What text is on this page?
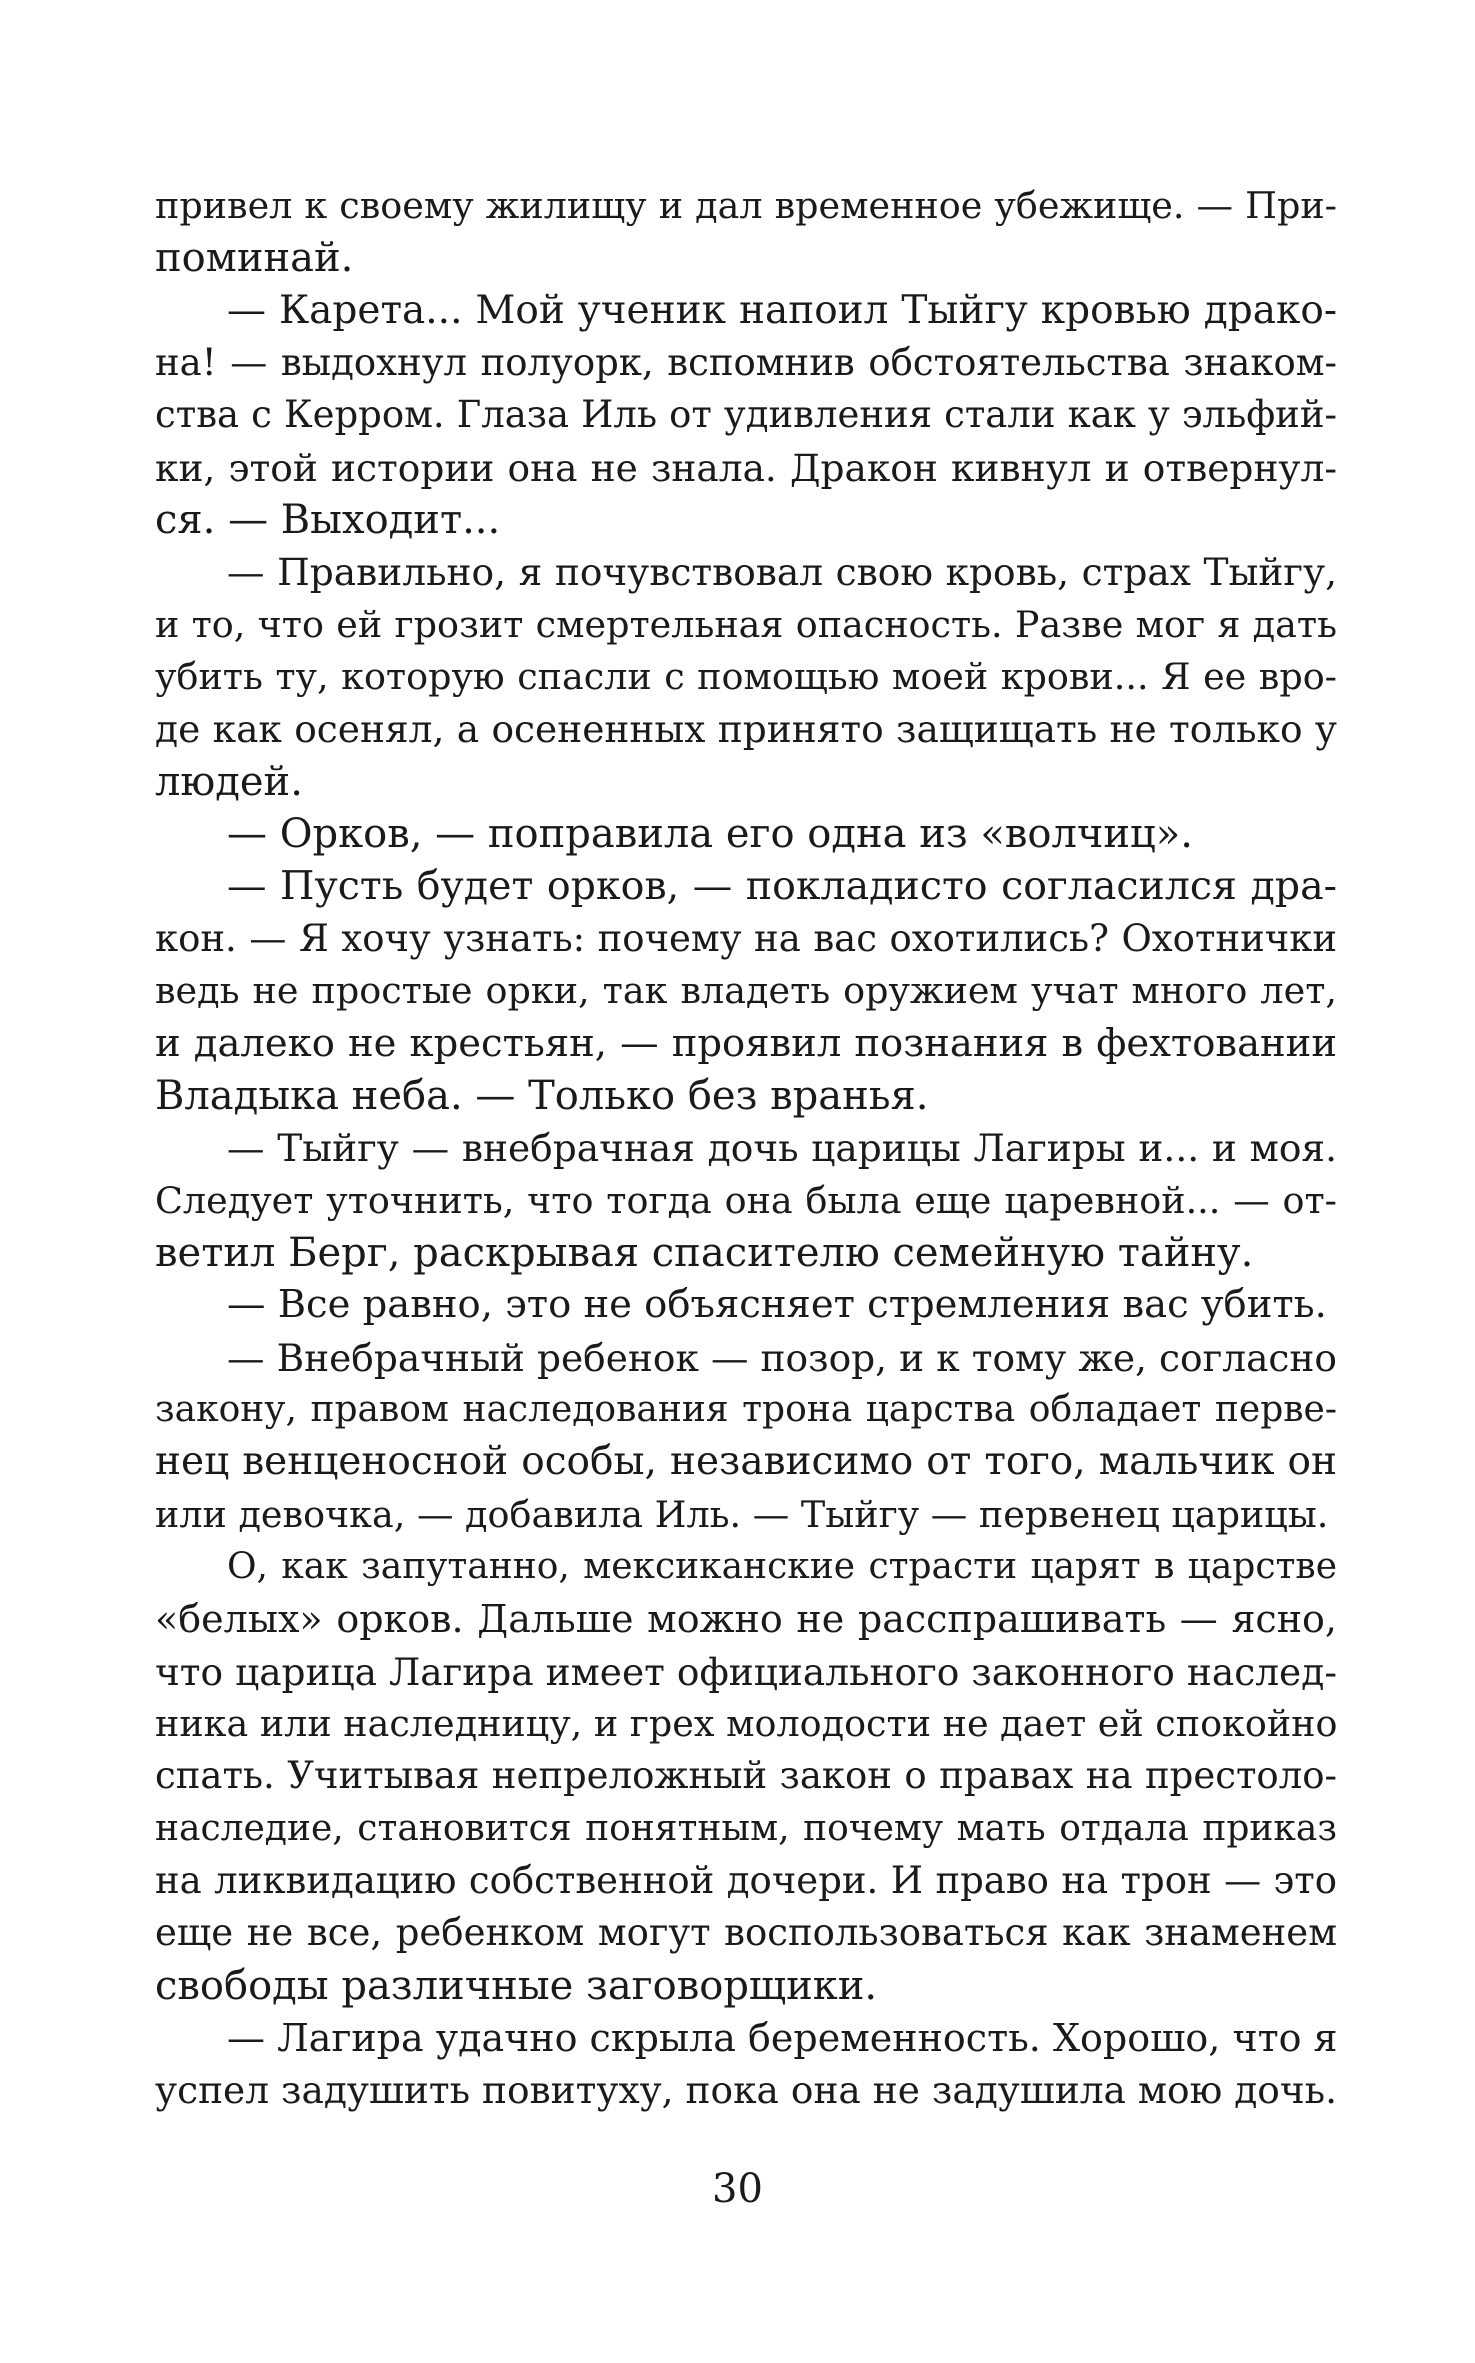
привел к своему жилищу и дал временное убежище. — При-
поминай.
— Карета... Мой ученик напоил Тыйгу кровью драко-
на! — выдохнул полуорк, вспомнив обстоятельства знаком-
ства с Керром. Глаза Иль от удивления стали как у эльфий-
ки, этой истории она не знала. Дракон кивнул и отвернул-
ся. — Выходит...
— Правильно, я почувствовал свою кровь, страх Тыйгу,
и то, что ей грозит смертельная опасность. Разве мог я дать
убить ту, которую спасли с помощью моей крови... Я ее вро-
де как осенял, а осененных принято защищать не только у
людей.
— Орков, — поправила его одна из «волчиц».
— Пусть будет орков, — покладисто согласился дра-
кон. — Я хочу узнать: почему на вас охотились? Охотнички
ведь не простые орки, так владеть оружием учат много лет,
и далеко не крестьян, — проявил познания в фехтовании
Владыка неба. — Только без вранья.
— Тыйгу — внебрачная дочь царицы Лагиры и... и моя.
Следует уточнить, что тогда она была еще царевной... — от-
ветил Берг, раскрывая спасителю семейную тайну.
— Все равно, это не объясняет стремления вас убить.
— Внебрачный ребенок — позор, и к тому же, согласно
закону, правом наследования трона царства обладает перве-
нец венценосной особы, независимо от того, мальчик он
или девочка, — добавила Иль. — Тыйгу — первенец царицы.
О, как запутанно, мексиканские страсти царят в царстве
«белых» орков. Дальше можно не расспрашивать — ясно,
что царица Лагира имеет официального законного наслед-
ника или наследницу, и грех молодости не дает ей спокойно
спать. Учитывая непреложный закон о правах на престоло-
наследие, становится понятным, почему мать отдала приказ
на ликвидацию собственной дочери. И право на трон — это
еще не все, ребенком могут воспользоваться как знаменем
свободы различные заговорщики.
— Лагира удачно скрыла беременность. Хорошо, что я
успел задушить повитуху, пока она не задушила мою дочь.
30
